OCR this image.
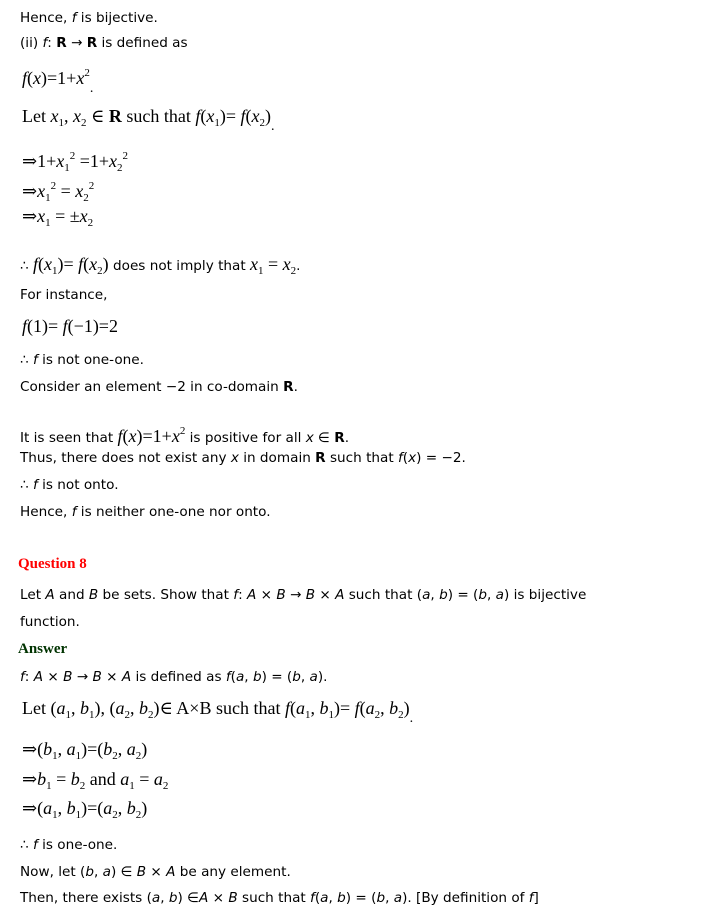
Hence, f is bijective.
(ii) f: R → R is defined as
$f(x)=1+x^2_.$
Let $x_1$, $x_2$ ∈ R such that $f(x_1)= f(x_2)_.$
$\Rightarrow 1+x_1^2 =1+x_2^2$
$\Rightarrow x_1^2 = x_2^2$
$\Rightarrow x_1 = \pm x_2$
∴ $f(x_1)= f(x_2)$ does not imply that $x_1 = x_2$.
For instance,
f(1)= f(−1)=2
∴ f is not one-one.
Consider an element −2 in co-domain R.
It is seen that $f(x)=1+x^2$ is positive for all x ∈ R.
Thus, there does not exist any x in domain R such that f(x) = −2.
∴ f is not onto.
Hence, f is neither one-one nor onto.
Question 8
Let A and B be sets. Show that f: A × B → B × A such that (a, b) = (b, a) is bijective
function.
Answer
f: A × B → B × A is defined as f(a, b) = (b, a).
Let ($a_1$, $b_1$), ($a_2$, $b_2)\in$ A×B such that $f(a_1$, $b_1)= f(a_2$, $b_2)_.$
$\Rightarrow(b_1$, $a_1)=(b_2$, $a_2$)
$\Rightarrow b_1 = b_2$ and $a_1 = a_2$
$\Rightarrow(a_1$, $b_1)=(a_2$, $b_2$)
∴ f is one-one.
Now, let (b, a) ∈ B × A be any element.
Then, there exists (a, b) ∈A × B such that f(a, b) = (b, a). [By definition of f]
